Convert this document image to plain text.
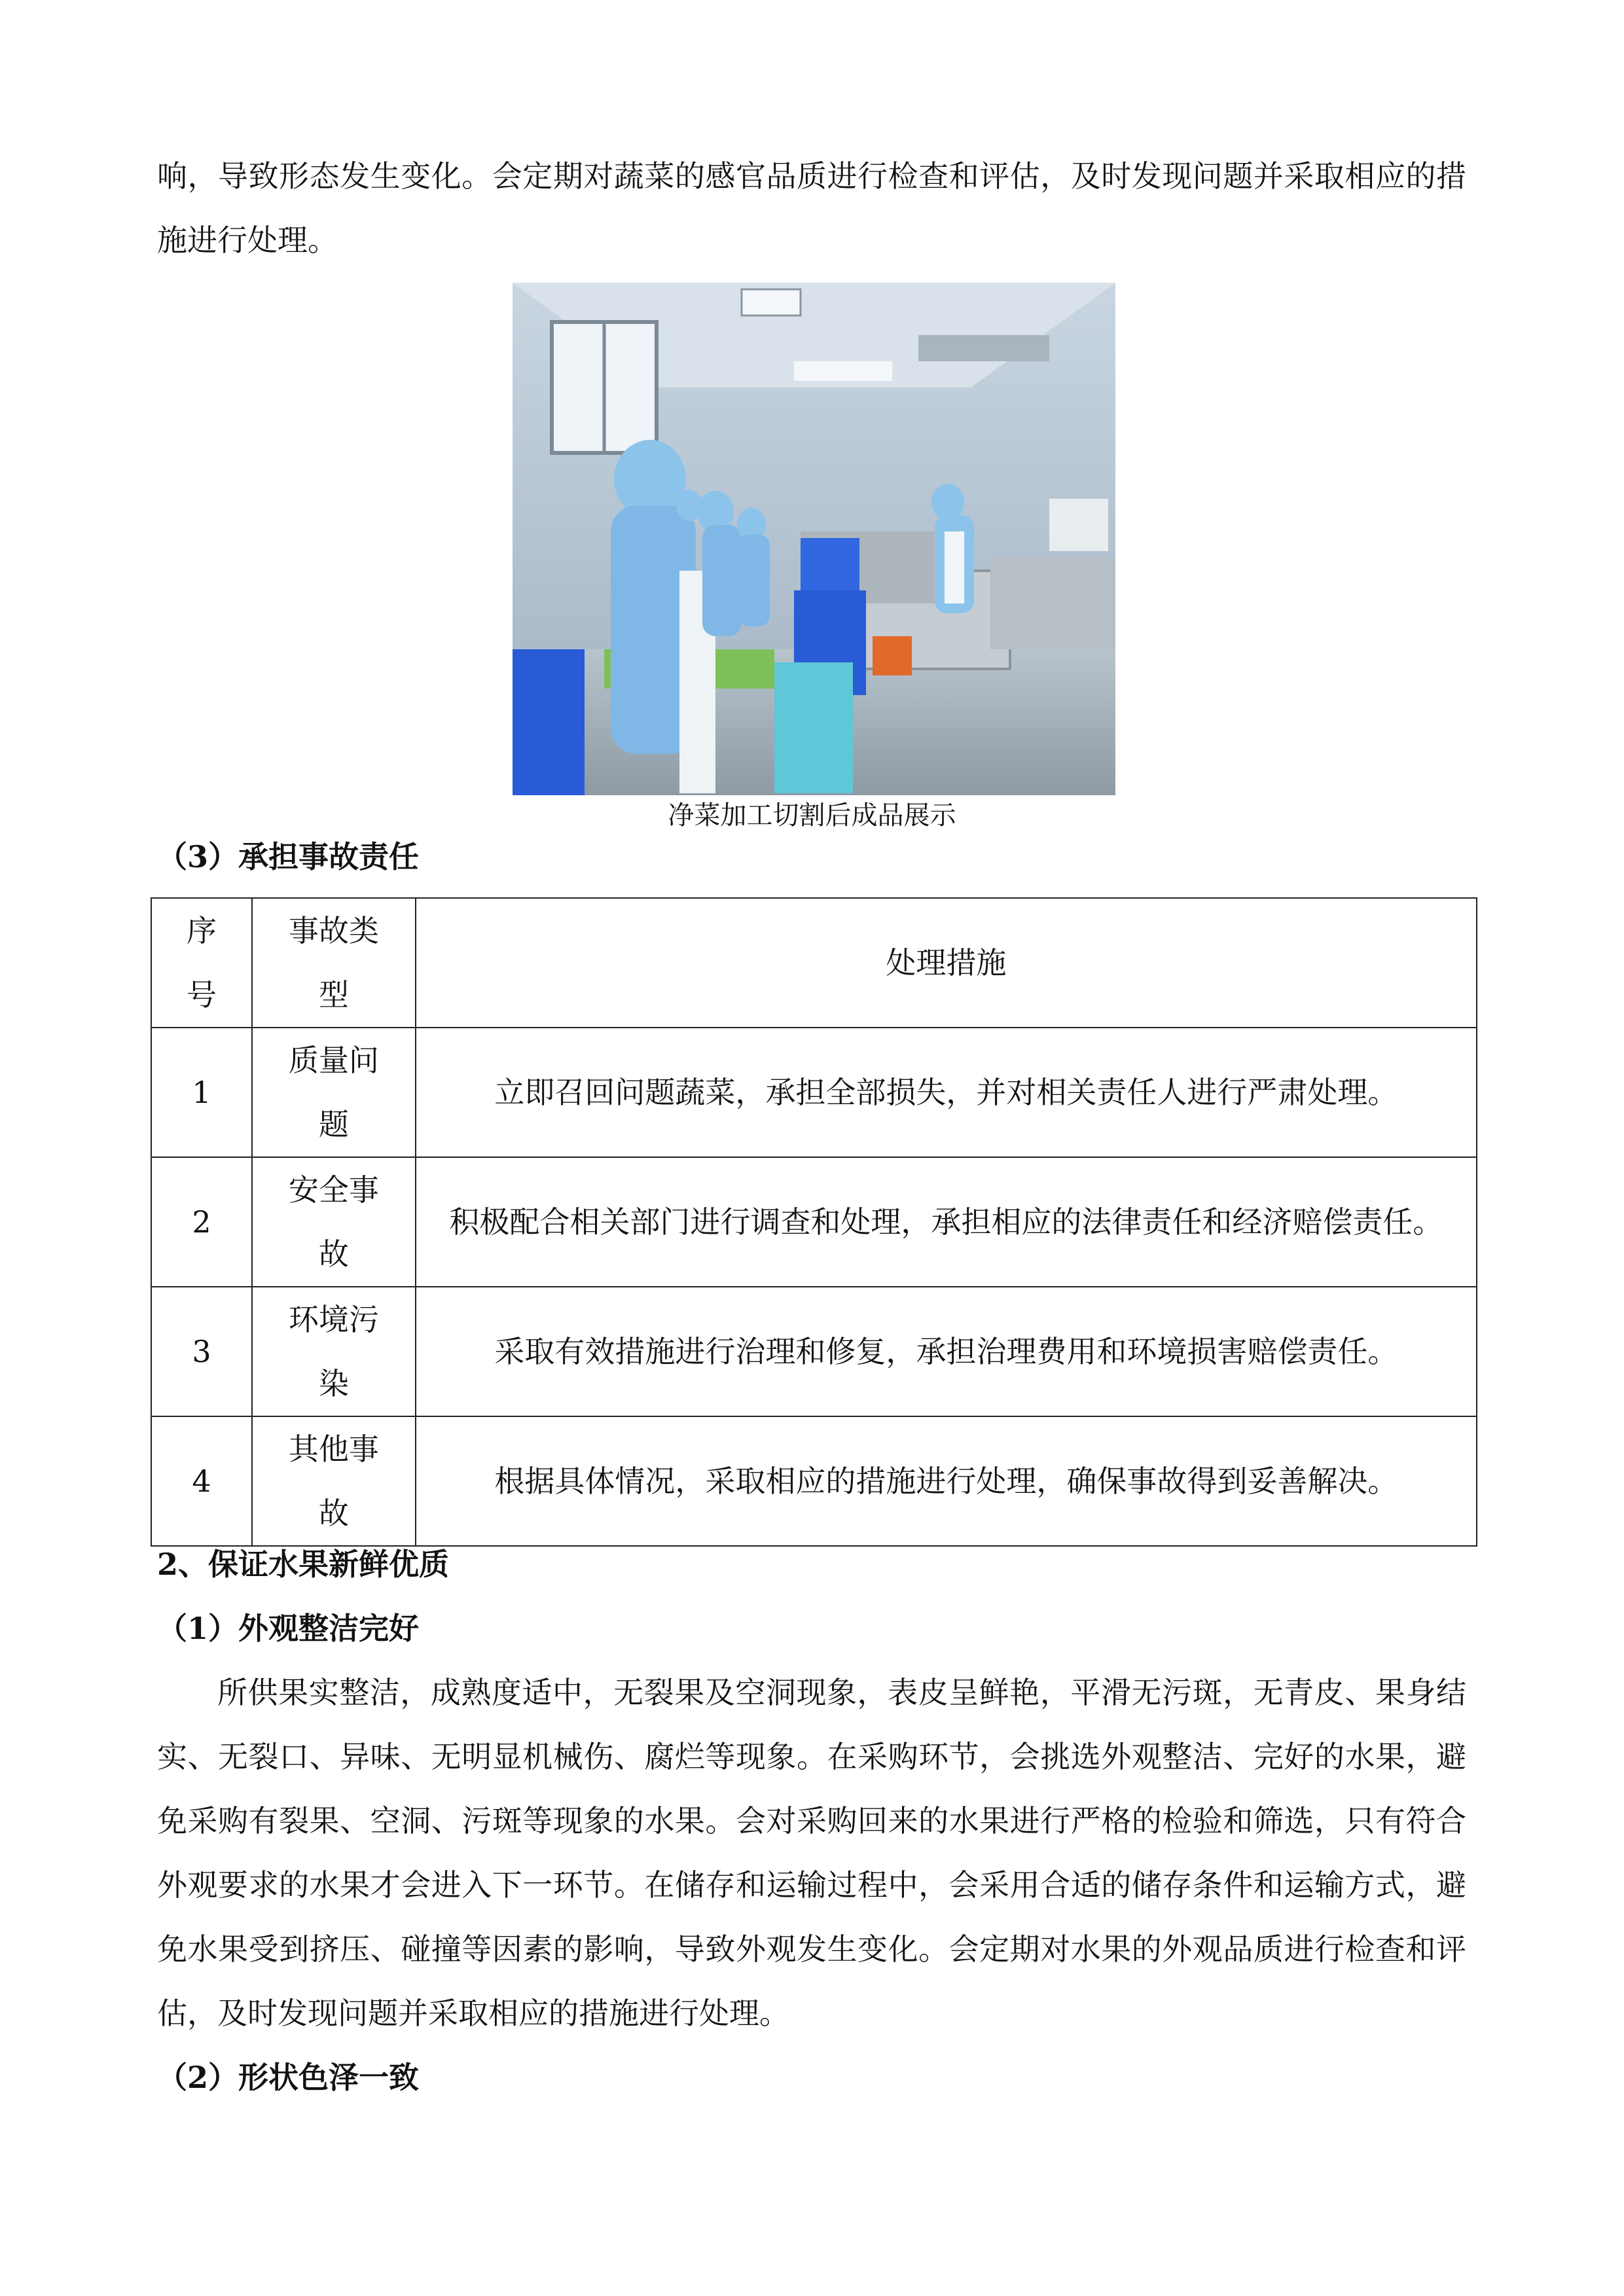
响，导致形态发生变化。会定期对蔬菜的感官品质进行检查和评估，及时发现问题并采取相应的措施进行处理。

净菜加工切割后成品展示

（3）承担事故责任

序号	事故类型	处理措施
1	质量问题	立即召回问题蔬菜，承担全部损失，并对相关责任人进行严肃处理。
2	安全事故	积极配合相关部门进行调查和处理，承担相应的法律责任和经济赔偿责任。
3	环境污染	采取有效措施进行治理和修复，承担治理费用和环境损害赔偿责任。
4	其他事故	根据具体情况，采取相应的措施进行处理，确保事故得到妥善解决。

2、保证水果新鲜优质

（1）外观整洁完好

所供果实整洁，成熟度适中，无裂果及空洞现象，表皮呈鲜艳，平滑无污斑，无青皮、果身结实、无裂口、异味、无明显机械伤、腐烂等现象。在采购环节，会挑选外观整洁、完好的水果，避免采购有裂果、空洞、污斑等现象的水果。会对采购回来的水果进行严格的检验和筛选，只有符合外观要求的水果才会进入下一环节。在储存和运输过程中，会采用合适的储存条件和运输方式，避免水果受到挤压、碰撞等因素的影响，导致外观发生变化。会定期对水果的外观品质进行检查和评估，及时发现问题并采取相应的措施进行处理。

（2）形状色泽一致
